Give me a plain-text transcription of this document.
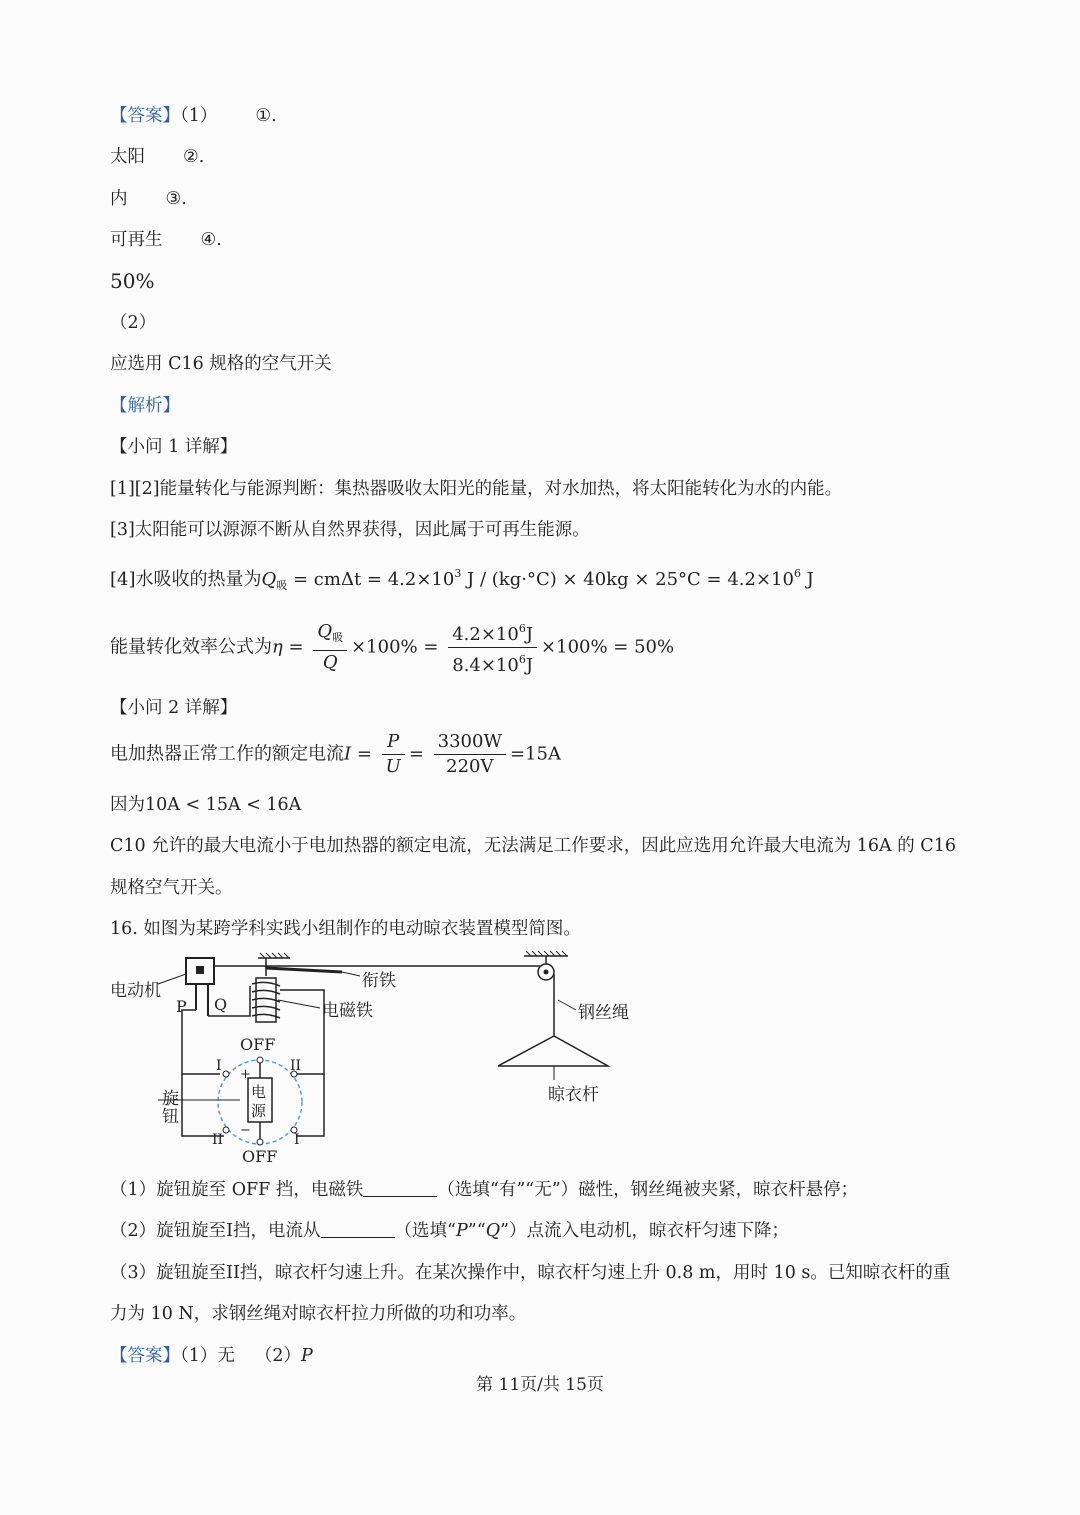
【答案】（1） ①.
太阳 ②.
内 ③.
可再生 ④.
50%
（2）
应选用 C16 规格的空气开关
【解析】
【小问 1 详解】
[1][2]能量转化与能源判断：集热器吸收太阳光的能量，对水加热，将太阳能转化为水的内能。
[3]太阳能可以源源不断从自然界获得，因此属于可再生能源。
[4]水吸收的热量为$Q_吸 = cm\Delta t = 4.2\times 10^3$ $J / (kg\cdot^\circ C) \times 40kg \times 25^\circ C = 4.2\times 10^6$ J
能量转化效率公式为$\eta = \frac{Q_吸}{Q} \times 100\% = \frac{4.2\times 10^6J}{8.4\times 10^6J} \times 100\% = 50\%$
【小问 2 详解】
电加热器正常工作的额定电流$I = \frac{P}{U} = \frac{3300W}{220V} =15A$
因为10A < 15A < 16A
C10 允许的最大电流小于电加热器的额定电流，无法满足工作要求，因此应选用允许最大电流为 16A 的 C16
规格空气开关。
16. 如图为某跨学科实践小组制作的电动晾衣装置模型简图。
电动机
P Q
衔铁
电磁铁
旋
钮
OFF
OFF
I	II
II	I
电
源
+
−
钢丝绳
晾衣杆
（1）旋钮旋至 OFF 挡，电磁铁	（选填“有”“无”）磁性，钢丝绳被夹紧，晾衣杆悬停；
（2）旋钮旋至I挡，电流从	（选填“P”“Q”）点流入电动机，晾衣杆匀速下降；
（3）旋钮旋至II挡，晾衣杆匀速上升。在某次操作中，晾衣杆匀速上升 0.8 m，用时 10 s。已知晾衣杆的重
力为 10 N，求钢丝绳对晾衣杆拉力所做的功和功率。
【答案】（1）无 （2）P
第 11页/共 15页
